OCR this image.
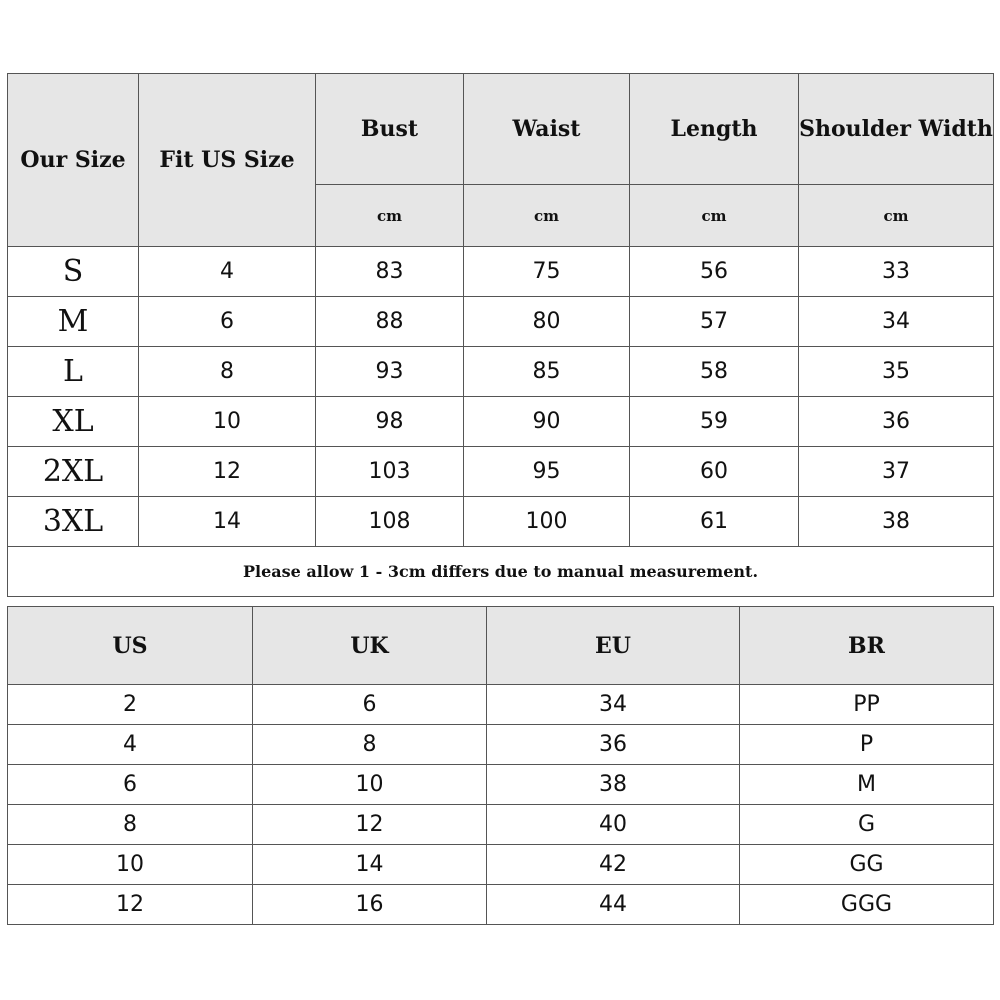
Our Size	Fit US Size	Bust	Waist	Length	Shoulder Width
		cm	cm	cm	cm
S	4	83	75	56	33
M	6	88	80	57	34
L	8	93	85	58	35
XL	10	98	90	59	36
2XL	12	103	95	60	37
3XL	14	108	100	61	38
Please allow 1 - 3cm differs due to manual measurement.					
US	UK	EU	BR
2	6	34	PP
4	8	36	P
6	10	38	M
8	12	40	G
10	14	42	GG
12	16	44	GGG
